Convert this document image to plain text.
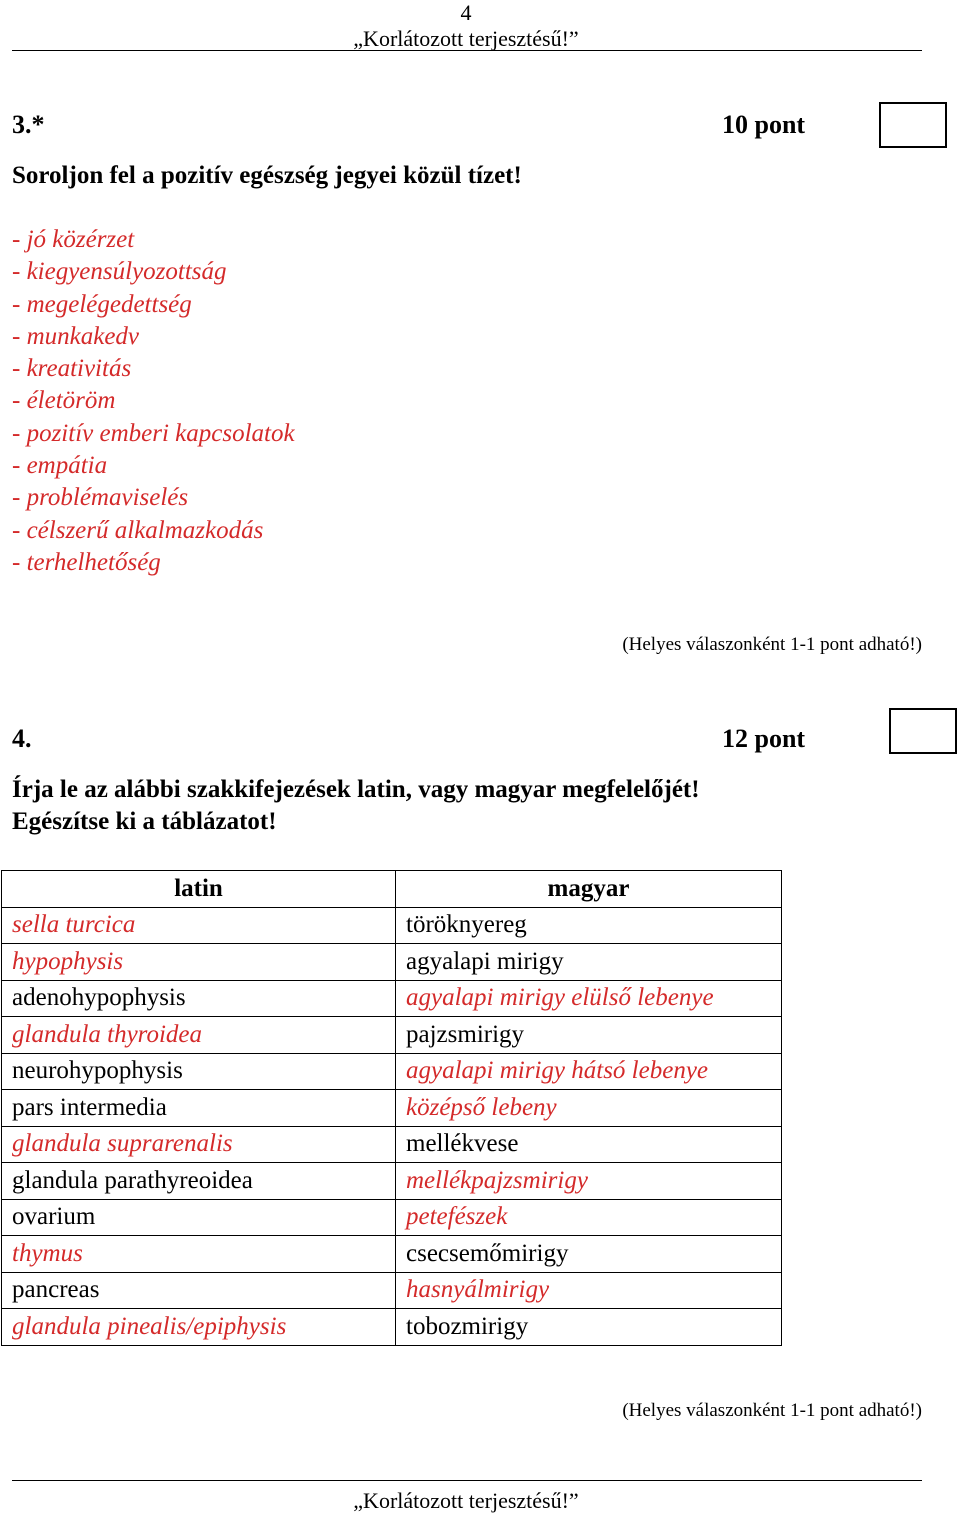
4
„Korlátozott terjesztésű!”
3.*	10 pont
Soroljon fel a pozitív egészség jegyei közül tízet!
- jó közérzet
- kiegyensúlyozottság
- megelégedettség
- munkakedv
- kreativitás
- életöröm
- pozitív emberi kapcsolatok
- empátia
- problémaviselés
- célszerű alkalmazkodás
- terhelhetőség
(Helyes válaszonként 1-1 pont adható!)
4.	12 pont
Írja le az alábbi szakkifejezések latin, vagy magyar megfelelőjét!
Egészítse ki a táblázatot!
latin	magyar
sella turcica	töröknyereg
hypophysis	agyalapi mirigy
adenohypophysis	agyalapi mirigy elülső lebenye
glandula thyroidea	pajzsmirigy
neurohypophysis	agyalapi mirigy hátsó lebenye
pars intermedia	középső lebeny
glandula suprarenalis	mellékvese
glandula parathyreoidea	mellékpajzsmirigy
ovarium	petefészek
thymus	csecsemőmirigy
pancreas	hasnyálmirigy
glandula pinealis/epiphysis	tobozmirigy
(Helyes válaszonként 1-1 pont adható!)
„Korlátozott terjesztésű!”
